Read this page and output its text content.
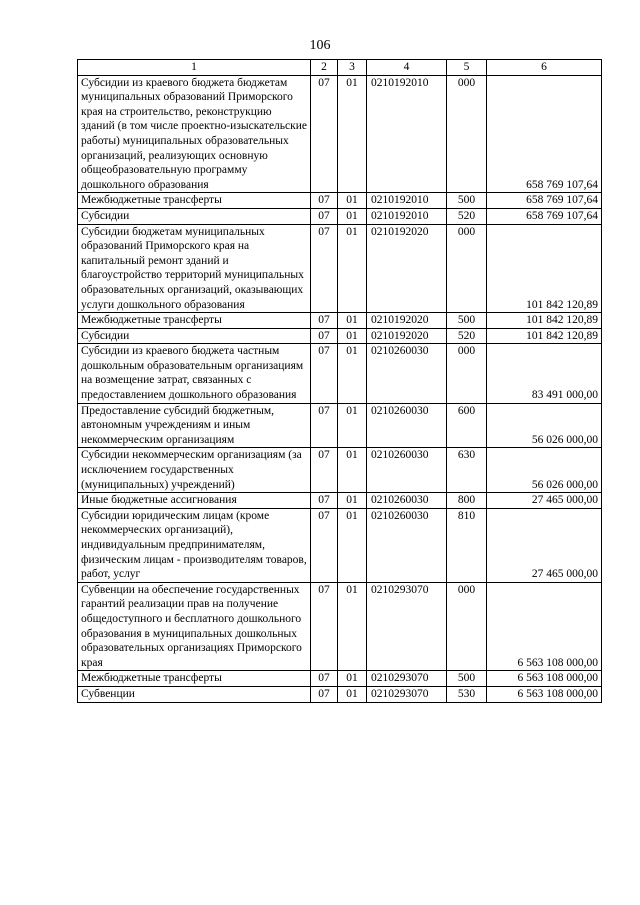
106
1	2	3	4	5	6
Субсидии из краевого бюджета бюджетам муниципальных образований Приморского края на строительство, реконструкцию зданий (в том числе проектно-изыскательские работы) муниципальных образовательных организаций, реализующих основную общеобразовательную программу дошкольного образования	07	01	0210192010	000	658 769 107,64
Межбюджетные трансферты	07	01	0210192010	500	658 769 107,64
Субсидии	07	01	0210192010	520	658 769 107,64
Субсидии бюджетам муниципальных образований Приморского края на капитальный ремонт зданий и благоустройство территорий муниципальных образовательных организаций, оказывающих услуги дошкольного образования	07	01	0210192020	000	101 842 120,89
Межбюджетные трансферты	07	01	0210192020	500	101 842 120,89
Субсидии	07	01	0210192020	520	101 842 120,89
Субсидии из краевого бюджета частным дошкольным образовательным организациям на возмещение затрат, связанных с предоставлением дошкольного образования	07	01	0210260030	000	83 491 000,00
Предоставление субсидий бюджетным, автономным учреждениям и иным некоммерческим организациям	07	01	0210260030	600	56 026 000,00
Субсидии некоммерческим организациям (за исключением государственных (муниципальных) учреждений)	07	01	0210260030	630	56 026 000,00
Иные бюджетные ассигнования	07	01	0210260030	800	27 465 000,00
Субсидии юридическим лицам (кроме некоммерческих организаций), индивидуальным предпринимателям, физическим лицам - производителям товаров, работ, услуг	07	01	0210260030	810	27 465 000,00
Субвенции на обеспечение государственных гарантий реализации прав на получение общедоступного и бесплатного дошкольного образования в муниципальных дошкольных образовательных организациях Приморского края	07	01	0210293070	000	6 563 108 000,00
Межбюджетные трансферты	07	01	0210293070	500	6 563 108 000,00
Субвенции	07	01	0210293070	530	6 563 108 000,00
